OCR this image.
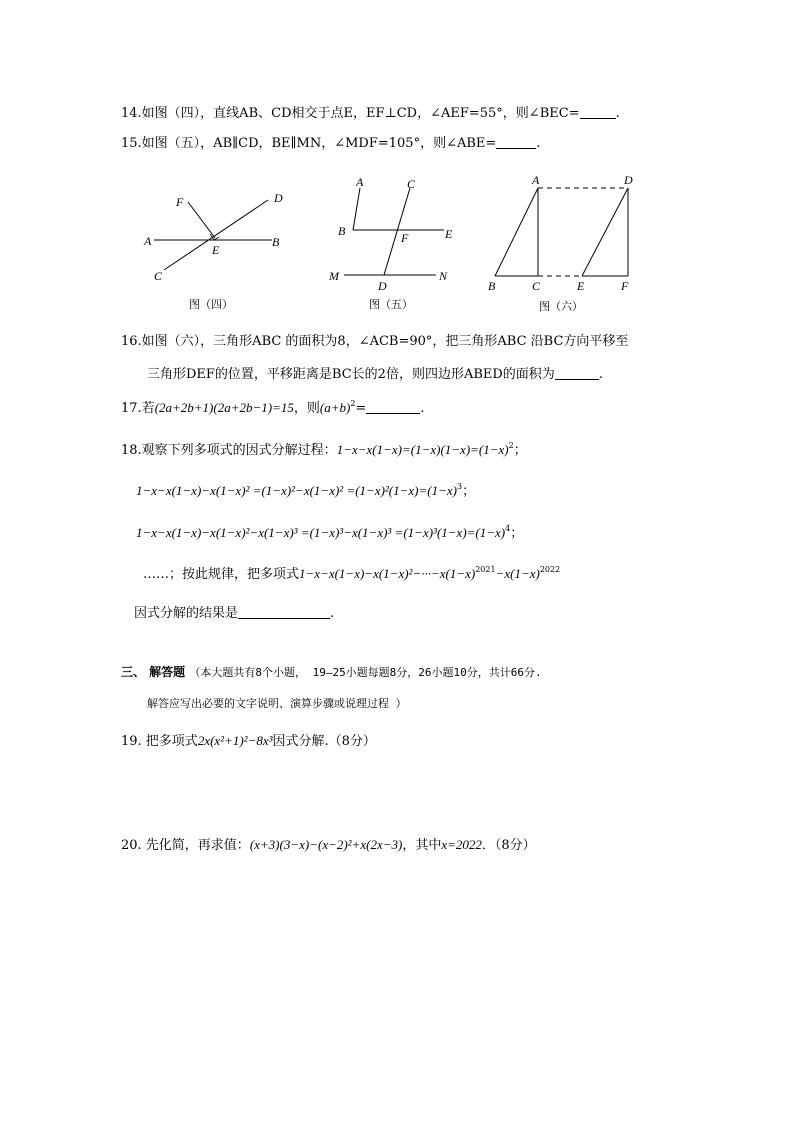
14.如图（四），直线AB、CD相交于点E，EF⊥CD，∠AEF=55°，则∠BEC=	.
15.如图（五），AB∥CD，BE∥MN，∠MDF=105°，则∠ABE=	.
F	D
A	B
E
C
图（四）
A	C
B	F	E
M
D
N
图（五）
A	D
B	C	E	F
图（六）
16.如图（六），三角形ABC 的面积为8，∠ACB=90°，把三角形ABC 沿BC方向平移至
三角形DEF的位置，平移距离是BC长的2倍，则四边形ABED的面积为	.
17.若(2a+2b+1)(2a+2b−1)=15，则$(a+b)^2=$	.
18.观察下列多项式的因式分解过程：$1-x-x(1-x)=(1-x)(1-x)=(1-x)^2$；
$1-x-x(1-x)-x(1-x)^2 =(1-x)^2-x(1-x)^2 =(1-x)^2(1-x)=(1-x)^3$；
$1-x-x(1-x)-x(1-x)^2-x(1-x)^3 =(1-x)^3-x(1-x)^3 =(1-x)^3(1-x)=(1-x)^4$；
……；按此规律，把多项式$1-x-x(1-x)-x(1-x)^2-\cdot\cdot\cdot-x(1-x)^{2021}-x(1-x)^{2022}$
因式分解的结果是	.
三、 解答题 （本大题共有8个小题， 19—25小题每题8分，26小题10分，共计66分.
解答应写出必要的文字说明、演算步骤或说理过程 ）
19. 把多项式2x(x²+1)²−8x³因式分解.（8分）
20. 先化简，再求值：(x+3)(3−x)−(x−2)²+x(2x−3)，其中x=2022．（8分）
